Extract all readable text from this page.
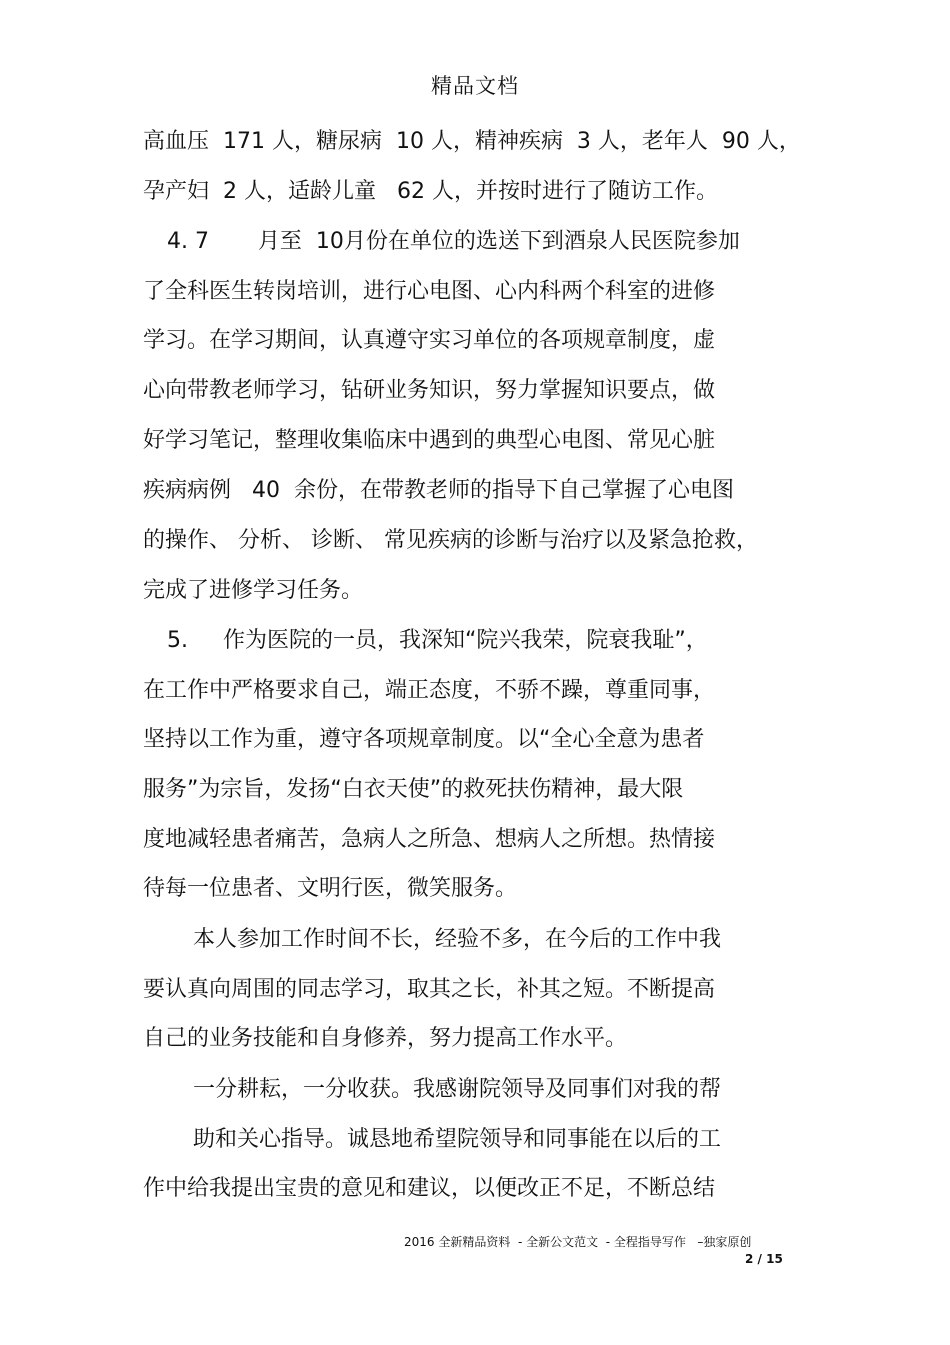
精品文档
高血压  171 人，糖尿病  10 人，精神疾病  3 人，老年人  90 人，
孕产妇  2 人，适龄儿童   62 人，并按时进行了随访工作。
4. 7       月至  10月份在单位的选送下到酒泉人民医院参加
了全科医生转岗培训，进行心电图、心内科两个科室的进修
学习。在学习期间，认真遵守实习单位的各项规章制度，虚
心向带教老师学习，钻研业务知识，努力掌握知识要点，做
好学习笔记，整理收集临床中遇到的典型心电图、常见心脏
疾病病例   40  余份，在带教老师的指导下自己掌握了心电图
的操作、 分析、 诊断、 常见疾病的诊断与治疗以及紧急抢救，
完成了进修学习任务。
5.     作为医院的一员，我深知“院兴我荣，院衰我耻”，
在工作中严格要求自己，端正态度，不骄不躁，尊重同事，
坚持以工作为重，遵守各项规章制度。以“全心全意为患者
服务”为宗旨，发扬“白衣天使”的救死扶伤精神，最大限
度地减轻患者痛苦，急病人之所急、想病人之所想。热情接
待每一位患者、文明行医，微笑服务。
本人参加工作时间不长，经验不多，在今后的工作中我
要认真向周围的同志学习，取其之长，补其之短。不断提高
自己的业务技能和自身修养，努力提高工作水平。
一分耕耘，一分收获。我感谢院领导及同事们对我的帮
助和关心指导。诚恳地希望院领导和同事能在以后的工
作中给我提出宝贵的意见和建议，以便改正不足，不断总结
2016 全新精品资料  - 全新公文范文  - 全程指导写作   –独家原创
2 / 15
